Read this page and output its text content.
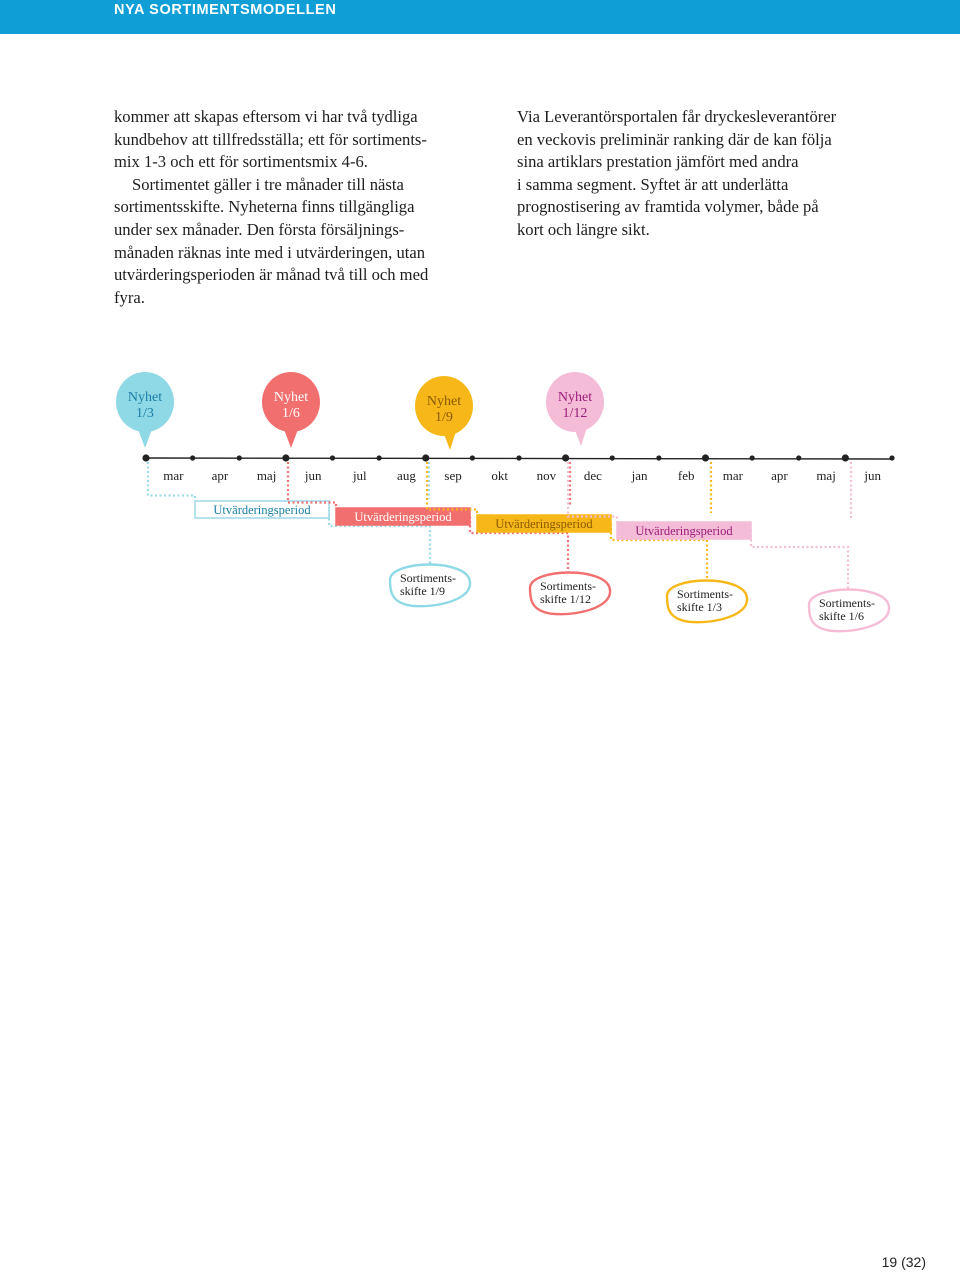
NYA SORTIMENTSMODELLEN

kommer att skapas eftersom vi har två tydliga

kundbehov att tillfredsställa; ett för sortiments-

mix 1-3 och ett för sortimentsmix 4-6.

Sortimentet gäller i tre månader till nästa

sortimentsskifte. Nyheterna finns tillgängliga

under sex månader. Den första försäljnings-

månaden räknas inte med i utvärderingen, utan

utvärderingsperioden är månad två till och med

fyra.

Via Leverantörsportalen får dryckesleverantörer

en veckovis preliminär ranking där de kan följa

sina artiklars prestation jämfört med andra

i samma segment. Syftet är att underlätta

prognostisering av framtida volymer, både på

kort och längre sikt.

mar apr maj jun jul aug sep okt nov dec jan feb mar apr maj jun
Nyhet
1/3
Nyhet
1/6
Nyhet
1/9
Nyhet
1/12
Utvärderingsperiod	Utvärderingsperiod	Utvärderingsperiod	Utvärderingsperiod
Sortiments-
skifte 1/9	Sortiments-
skifte 1/12	Sortiments-
skifte 1/3	Sortiments-
skifte 1/6
19 (32)
